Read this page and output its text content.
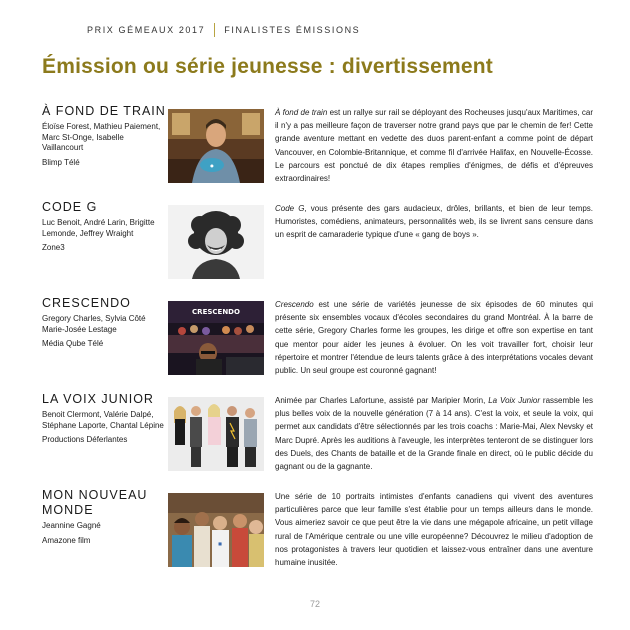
PRIX GÉMEAUX 2017 FINALISTES ÉMISSIONS
Émission ou série jeunesse : divertissement
À FOND DE TRAIN
Éloïse Forest, Mathieu Paiement, Marc St-Onge, Isabelle Vaillancourt
Blimp Télé	●
À fond de train est un rallye sur rail se déployant des Rocheuses jusqu'aux Maritimes, car il n'y a pas meilleure façon de traverser notre grand pays que par le chemin de fer! Cette grande aventure mettant en vedette des duos parent-enfant a comme point de départ Vancouver, en Colombie-Britannique, et comme fil d'arrivée Halifax, en Nouvelle-Écosse. Le parcours est ponctué de dix étapes remplies d'énigmes, de défis et d'épreuves extraordinaires!
CODE G
Luc Benoit, André Larin, Brigitte Lemonde, Jeffrey Wraight
Zone3
Code G, vous présente des gars audacieux, drôles, brillants, et bien de leur temps. Humoristes, comédiens, animateurs, personnalités web, ils se livrent sans censure dans un esprit de camaraderie typique d'une « gang de boys ».
CRESCENDO
Gregory Charles, Sylvia Côté Marie-Josée Lestage
Média Qube Télé
CRESCENDO
Crescendo est une série de variétés jeunesse de six épisodes de 60 minutes qui présente six ensembles vocaux d'écoles secondaires du grand Montréal. À la barre de cette série, Gregory Charles forme les groupes, les dirige et offre son expertise en tant que mentor pour aider les jeunes à évoluer. On les voit travailler fort, choisir leur répertoire et montrer l'étendue de leurs talents grâce à des interprétations vocales devant public. Un seul groupe est couronné gagnant!
LA VOIX JUNIOR
Benoit Clermont, Valérie Dalpé, Stéphane Laporte, Chantal Lépine
Productions Déferlantes
Animée par Charles Lafortune, assisté par Maripier Morin, La Voix Junior rassemble les plus belles voix de la nouvelle génération (7 à 14 ans). C'est la voix, et seule la voix, qui permet aux candidats d'être sélectionnés par les trois coachs : Marie-Mai, Alex Nevsky et Marc Dupré. Après les auditions à l'aveugle, les interprètes tenteront de se distinguer lors des Duels, des Chants de bataille et de la Grande finale en direct, où le public décide du gagnant ou de la gagnante.
MON NOUVEAU MONDE
Jeannine Gagné
Amazone film	■
Une série de 10 portraits intimistes d'enfants canadiens qui vivent des aventures particulières parce que leur famille s'est établie pour un temps ailleurs dans le monde. Vous aimeriez savoir ce que peut être la vie dans une mégapole africaine, un petit village rural de l'Amérique centrale ou une ville européenne? Découvrez le milieu d'adoption de nos protagonistes à travers leur quotidien et laissez-vous entraîner dans une aventure humaine inusitée.
72
